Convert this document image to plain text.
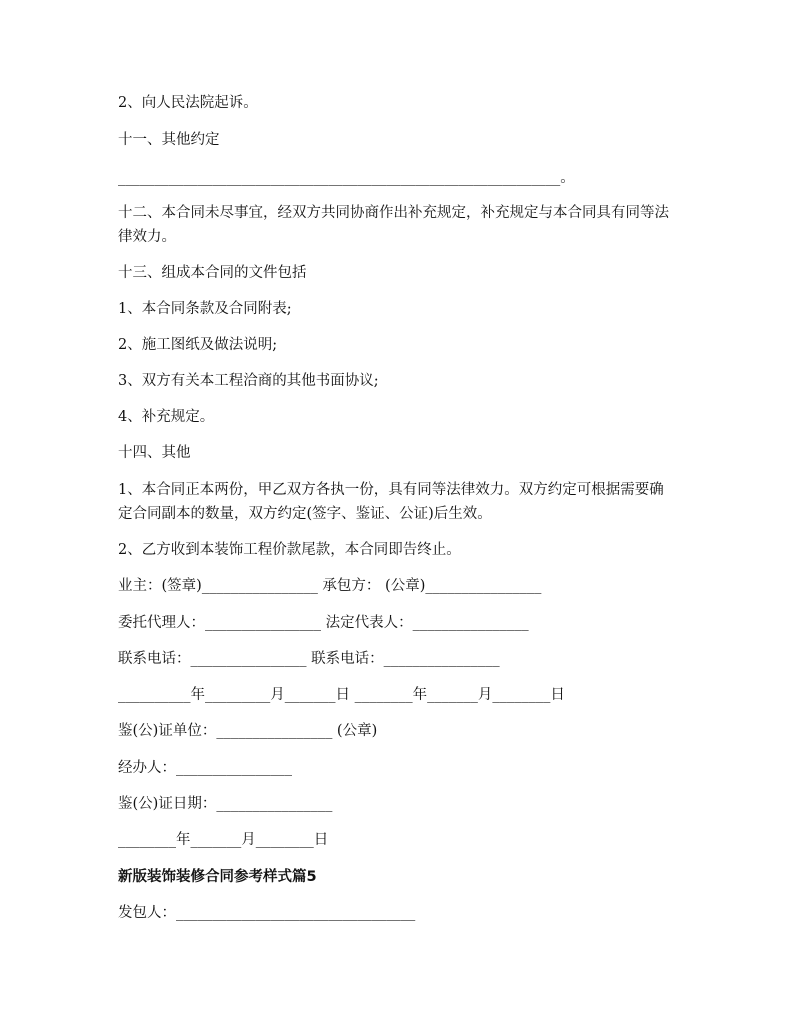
2、向人民法院起诉。
十一、其他约定
_____________________________________________________________。
十二、本合同未尽事宜，经双方共同协商作出补充规定，补充规定与本合同具有同等法律效力。
十三、组成本合同的文件包括
1、本合同条款及合同附表;
2、施工图纸及做法说明;
3、双方有关本工程洽商的其他书面协议;
4、补充规定。
十四、其他
1、本合同正本两份，甲乙双方各执一份，具有同等法律效力。双方约定可根据需要确定合同副本的数量，双方约定(签字、鉴证、公证)后生效。
2、乙方收到本装饰工程价款尾款，本合同即告终止。
业主：(签章)________________ 承包方： (公章)________________
委托代理人：________________ 法定代表人：________________
联系电话：________________ 联系电话：________________
__________年_________月_______日 ________年_______月________日
鉴(公)证单位：________________ (公章)
经办人：________________
鉴(公)证日期：________________
________年_______月________日
新版装饰装修合同参考样式篇5
发包人：_________________________________
